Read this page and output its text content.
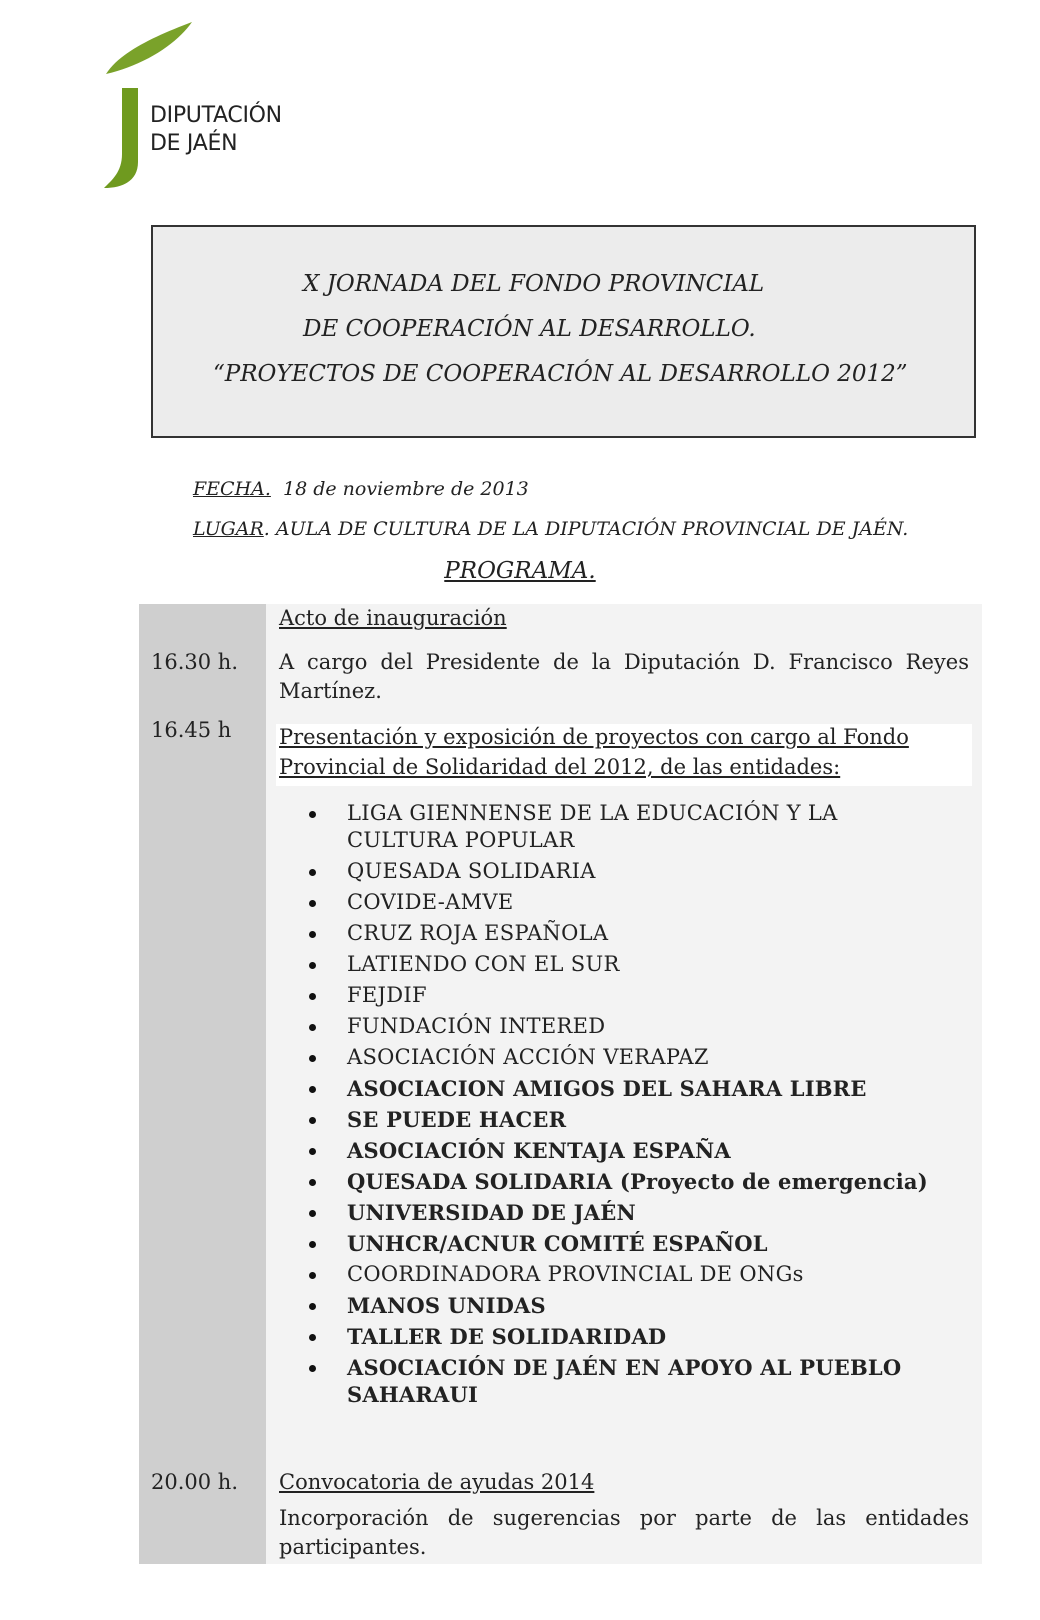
DIPUTACIÓN
DE JAÉN
X JORNADA DEL FONDO PROVINCIAL
DE COOPERACIÓN AL DESARROLLO.
“PROYECTOS DE COOPERACIÓN AL DESARROLLO 2012”
FECHA. 18 de noviembre de 2013
LUGAR. AULA DE CULTURA DE LA DIPUTACIÓN PROVINCIAL DE JAÉN.
PROGRAMA.
Acto de inauguración
16.30 h. A cargo del Presidente de la Diputación D. Francisco Reyes Martínez.
16.45 h Presentación y exposición de proyectos con cargo al Fondo Provincial de Solidaridad del 2012, de las entidades:
LIGA GIENNENSE DE LA EDUCACIÓN Y LA CULTURA POPULAR
QUESADA SOLIDARIA
COVIDE-AMVE
CRUZ ROJA ESPAÑOLA
LATIENDO CON EL SUR
FEJDIF
FUNDACIÓN INTERED
ASOCIACIÓN ACCIÓN VERAPAZ
ASOCIACION AMIGOS DEL SAHARA LIBRE
SE PUEDE HACER
ASOCIACIÓN KENTAJA ESPAÑA
QUESADA SOLIDARIA (Proyecto de emergencia)
UNIVERSIDAD DE JAÉN
UNHCR/ACNUR COMITÉ ESPAÑOL
COORDINADORA PROVINCIAL DE ONGs
MANOS UNIDAS
TALLER DE SOLIDARIDAD
ASOCIACIÓN DE JAÉN EN APOYO AL PUEBLO SAHARAUI
20.00 h. Convocatoria de ayudas 2014
Incorporación de sugerencias por parte de las entidades participantes.
